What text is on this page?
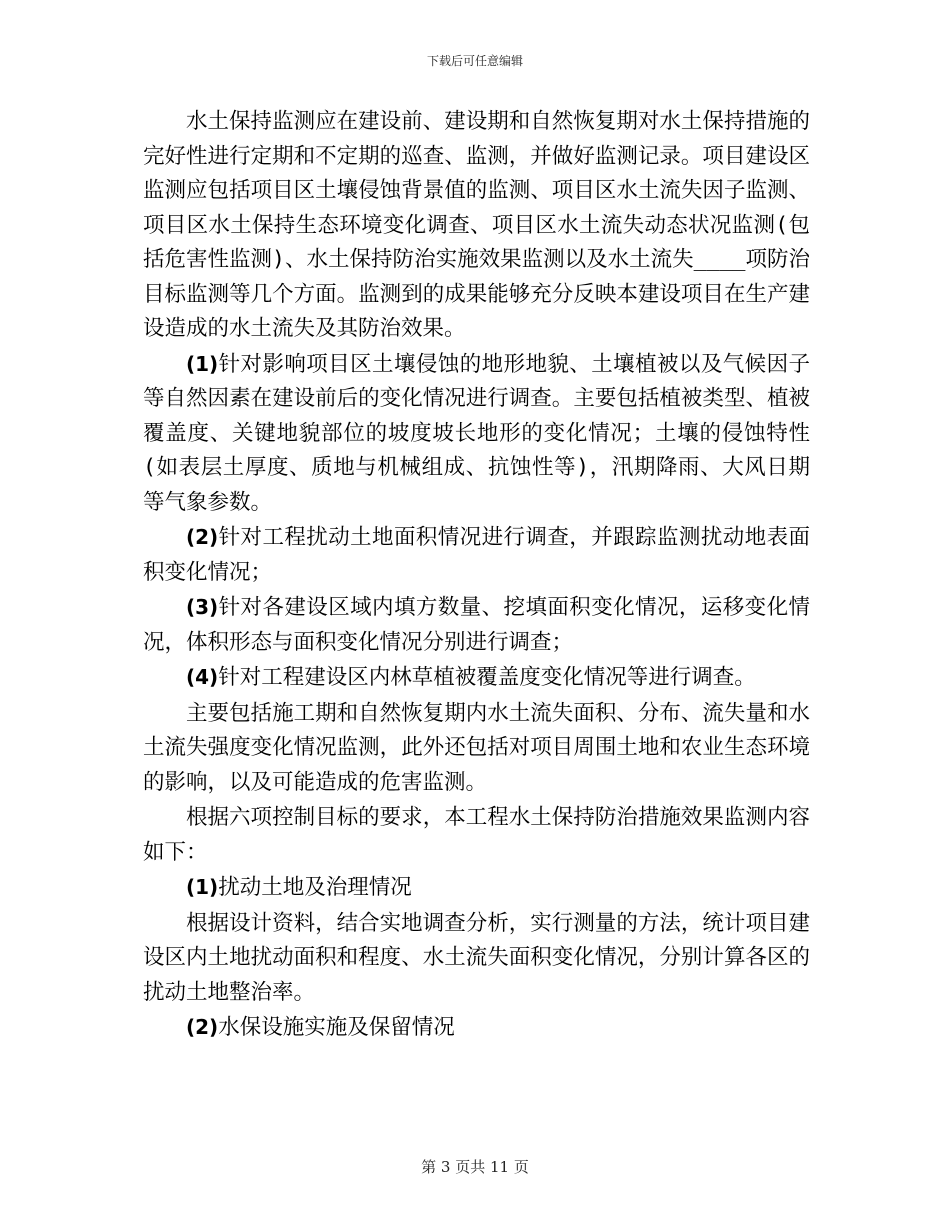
下载后可任意编辑

水土保持监测应在建设前、建设期和自然恢复期对水土保持措施的完好性进行定期和不定期的巡查、监测，并做好监测记录。项目建设区监测应包括项目区土壤侵蚀背景值的监测、项目区水土流失因子监测、项目区水土保持生态环境变化调查、项目区水土流失动态状况监测(包括危害性监测)、水土保持防治实施效果监测以及水土流失____项防治目标监测等几个方面。监测到的成果能够充分反映本建设项目在生产建设造成的水土流失及其防治效果。

(1)针对影响项目区土壤侵蚀的地形地貌、土壤植被以及气候因子等自然因素在建设前后的变化情况进行调查。主要包括植被类型、植被覆盖度、关键地貌部位的坡度坡长地形的变化情况；土壤的侵蚀特性(如表层土厚度、质地与机械组成、抗蚀性等)，汛期降雨、大风日期等气象参数。

(2)针对工程扰动土地面积情况进行调查，并跟踪监测扰动地表面积变化情况；

(3)针对各建设区域内填方数量、挖填面积变化情况，运移变化情况，体积形态与面积变化情况分别进行调查；

(4)针对工程建设区内林草植被覆盖度变化情况等进行调查。

主要包括施工期和自然恢复期内水土流失面积、分布、流失量和水土流失强度变化情况监测，此外还包括对项目周围土地和农业生态环境的影响，以及可能造成的危害监测。

根据六项控制目标的要求，本工程水土保持防治措施效果监测内容如下：

(1)扰动土地及治理情况

根据设计资料，结合实地调查分析，实行测量的方法，统计项目建设区内土地扰动面积和程度、水土流失面积变化情况，分别计算各区的扰动土地整治率。

(2)水保设施实施及保留情况

第 3 页共 11 页
